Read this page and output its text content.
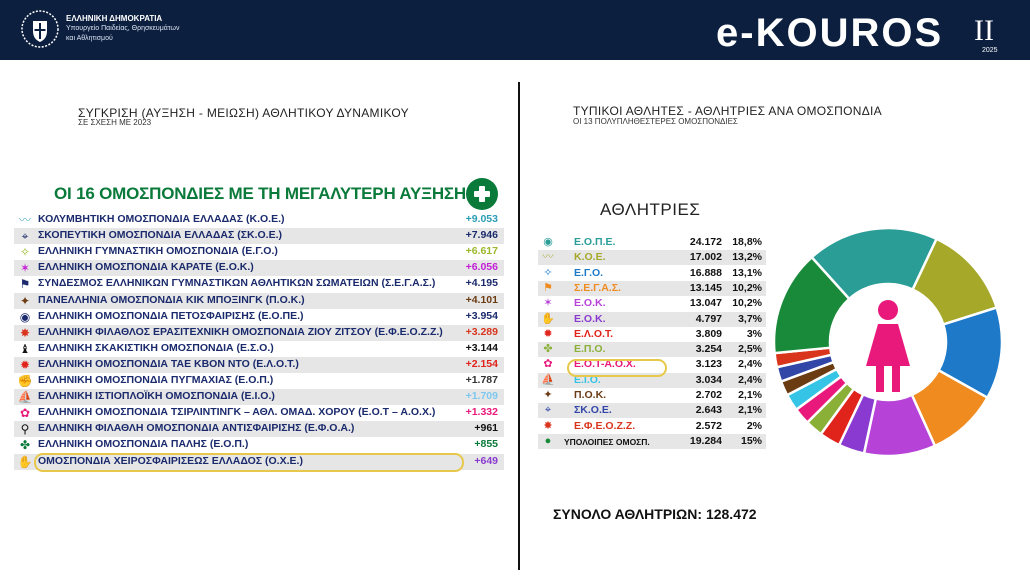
ΕΛΛΗΝΙΚΗ ΔΗΜΟΚΡΑΤΙΑ
Υπουργείο Παιδείας, Θρησκευμάτων
και Αθλητισμού	e-KOUROS II
2025
ΣΥΓΚΡΙΣΗ (ΑΥΞΗΣΗ - ΜΕΙΩΣΗ) ΑΘΛΗΤΙΚΟΥ ΔΥΝΑΜΙΚΟΥ
ΣΕ ΣΧΕΣΗ ΜΕ 2023
ΤΥΠΙΚΟΙ ΑΘΛΗΤΕΣ - ΑΘΛΗΤΡΙΕΣ ΑΝΑ ΟΜΟΣΠΟΝΔΙΑ
ΟΙ 13 ΠΟΛΥΠΛΗΘΕΣΤΕΡΕΣ ΟΜΟΣΠΟΝΔΙΕΣ
ΟΙ 16 ΟΜΟΣΠΟΝΔΙΕΣ ΜΕ ΤΗ ΜΕΓΑΛΥΤΕΡΗ ΑΥΞΗΣΗ
〰 ΚΟΛΥΜΒΗΤΙΚΗ ΟΜΟΣΠΟΝΔΙΑ ΕΛΛΑΔΑΣ (Κ.Ο.Ε.)	+9.053
⌖ ΣΚΟΠΕΥΤΙΚΗ ΟΜΟΣΠΟΝΔΙΑ ΕΛΛΑΔΑΣ (ΣΚ.Ο.Ε.)	+7.946
✧ ΕΛΛΗΝΙΚΗ ΓΥΜΝΑΣΤΙΚΗ ΟΜΟΣΠΟΝΔΙΑ (Ε.Γ.Ο.)	+6.617
✶ ΕΛΛΗΝΙΚΗ ΟΜΟΣΠΟΝΔΙΑ ΚΑΡΑΤΕ (Ε.Ο.Κ.)	+6.056
⚑ ΣΥΝΔΕΣΜΟΣ ΕΛΛΗΝΙΚΩΝ ΓΥΜΝΑΣΤΙΚΩΝ ΑΘΛΗΤΙΚΩΝ ΣΩΜΑΤΕΙΩΝ (Σ.Ε.Γ.Α.Σ.)	+4.195
✦ ΠΑΝΕΛΛΗΝΙΑ ΟΜΟΣΠΟΝΔΙΑ ΚΙΚ ΜΠΟΞΙΝΓΚ (Π.Ο.Κ.)	+4.101
◉ ΕΛΛΗΝΙΚΗ ΟΜΟΣΠΟΝΔΙΑ ΠΕΤΟΣΦΑΙΡΙΣΗΣ (Ε.Ο.ΠΕ.)	+3.954
✸ ΕΛΛΗΝΙΚΗ ΦΙΛΑΘΛΟΣ ΕΡΑΣΙΤΕΧΝΙΚΗ ΟΜΟΣΠΟΝΔΙΑ ΖΙΟΥ ΖΙΤΣΟΥ (Ε.Φ.Ε.Ο.Ζ.Ζ.) +3.289
♝ ΕΛΛΗΝΙΚΗ ΣΚΑΚΙΣΤΙΚΗ ΟΜΟΣΠΟΝΔΙΑ (Ε.Σ.Ο.)	+3.144
✹ ΕΛΛΗΝΙΚΗ ΟΜΟΣΠΟΝΔΙΑ ΤΑΕ ΚΒΟΝ ΝΤΟ (Ε.Λ.Ο.Τ.)	+2.154
✊ ΕΛΛΗΝΙΚΗ ΟΜΟΣΠΟΝΔΙΑ ΠΥΓΜΑΧΙΑΣ (Ε.Ο.Π.)	+1.787
⛵ ΕΛΛΗΝΙΚΗ ΙΣΤΙΟΠΛΟΪΚΗ ΟΜΟΣΠΟΝΔΙΑ (Ε.Ι.Ο.)	+1.709
✿ ΕΛΛΗΝΙΚΗ ΟΜΟΣΠΟΝΔΙΑ ΤΣΙΡΛΙΝΤΙΝΓΚ – ΑΘΛ. ΟΜΑΔ. ΧΟΡΟΥ (Ε.Ο.Τ – Α.Ο.Χ.)	+1.332
⚲ ΕΛΛΗΝΙΚΗ ΦΙΛΑΘΛΗ ΟΜΟΣΠΟΝΔΙΑ ΑΝΤΙΣΦΑΙΡΙΣΗΣ (Ε.Φ.Ο.Α.)	+961
✤ ΕΛΛΗΝΙΚΗ ΟΜΟΣΠΟΝΔΙΑ ΠΑΛΗΣ (Ε.Ο.Π.)	+855
✋ ΟΜΟΣΠΟΝΔΙΑ ΧΕΙΡΟΣΦΑΙΡΙΣΕΩΣ ΕΛΛΑΔΟΣ (Ο.Χ.Ε.)	+649
ΑΘΛΗΤΡΙΕΣ
◉	Ε.Ο.Π.Ε.	24.172 18,8%
〰 Κ.Ο.Ε.	17.002 13,2%
✧	Ε.Γ.Ο.	16.888 13,1%
⚑ Σ.Ε.Γ.Α.Σ.	13.145 10,2%
✶	Ε.Ο.Κ.	13.047 10,2%
✋ Ε.Ο.Κ.	4.797	3,7%
✹	Ε.Λ.Ο.Τ.	3.809	3%
✤	Ε.Π.Ο.	3.254	2,5%
✿	Ε.Ο.Τ-Α.Ο.Χ.	3.123	2,4%
⛵ Ε.Ι.Ο.	3.034	2,4%
✦	Π.Ο.Κ.	2.702	2,1%
⌖	ΣΚ.Ο.Ε.	2.643	2,1%
✸	Ε.Φ.Ε.Ο.Ζ.Ζ.	2.572	2%
●	ΥΠΟΛΟΙΠΕΣ ΟΜΟΣΠ.	19.284	15%
ΣΥΝΟΛΟ ΑΘΛΗΤΡΙΩΝ: 128.472
